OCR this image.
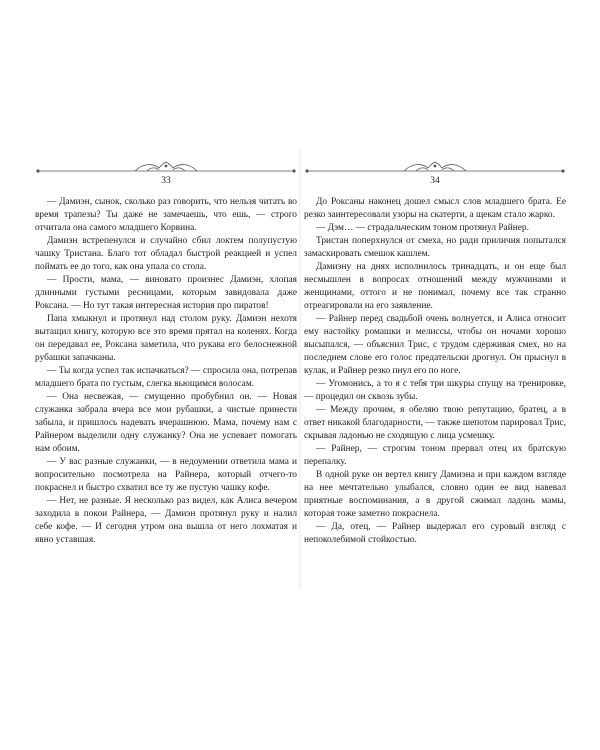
33

— Дамиэн, сынок, сколько раз говорить, что нельзя читать во время трапезы? Ты даже не замечаешь, что ешь, — строго отчитала она самого младшего Корвина.

Дамиэн встрепенулся и случайно сбил локтем полупустую чашку Тристана. Благо тот обладал быстрой реакцией и успел поймать ее до того, как она упала со стола.

— Прости, мама, — виновато произнес Дамиэн, хлопая длинными густыми ресницами, которым завидовала даже Роксана. — Но тут такая интересная история про пиратов!

Папа хмыкнул и протянул над столом руку. Дамиэн нехотя вытащил книгу, которую все это время прятал на коленях. Когда он передавал ее, Роксана заметила, что рукава его белоснежной рубашки запачканы.

— Ты когда успел так испачкаться? — спросила она, потрепав младшего брата по густым, слегка вьющимся волосам.

— Она несвежая, — смущенно пробубнил он. — Новая служанка забрала вчера все мои рубашки, а чистые принести забыла, и пришлось надевать вчерашнюю. Мама, почему нам с Райнером выделили одну служанку? Она не успевает помогать нам обоим.

— У вас разные служанки, — в недоумении ответила мама и вопросительно посмотрела на Райнера, который отчего-то покраснел и быстро схватил все ту же пустую чашку кофе.

— Нет, не разные. Я несколько раз видел, как Алиса вечером заходила в покои Райнера, — Дамиэн протянул руку и налил себе кофе. — И сегодня утром она вышла от него лохматая и явно уставшая.

34

До Роксаны наконец дошел смысл слов младшего брата. Ее резко заинтересовали узоры на скатерти, а щекам стало жарко.

— Дэм… — страдальческим тоном протянул Райнер.

Тристан поперхнулся от смеха, но ради приличия попытался замаскировать смешок кашлем.

Дамиэну на днях исполнилось тринадцать, и он еще был несмышлен в вопросах отношений между мужчинами и женщинами, оттого и не понимал, почему все так странно отреагировали на его заявление.

— Райнер перед свадьбой очень волнуется, и Алиса относит ему настойку ромашки и мелиссы, чтобы он ночами хорошо высыпался, — объяснил Трис, с трудом сдерживая смех, но на последнем слове его голос предательски дрогнул. Он прыснул в кулак, и Райнер резко пнул его по ноге.

— Угомонись, а то я с тебя три шкуры спущу на тренировке, — процедил он сквозь зубы.

— Между прочим, я обеляю твою репутацию, братец, а в ответ никакой благодарности, — также шепотом парировал Трис, скрывая ладонью не сходящую с лица усмешку.

— Райнер, — строгим тоном прервал отец их братскую перепалку.

В одной руке он вертел книгу Дамиэна и при каждом взгляде на нее мечтательно улыбался, словно один ее вид навевал приятные воспоминания, а в другой сжимал ладонь мамы, которая тоже заметно покраснела.

— Да, отец, — Райнер выдержал его суровый взгляд с непоколебимой стойкостью.
